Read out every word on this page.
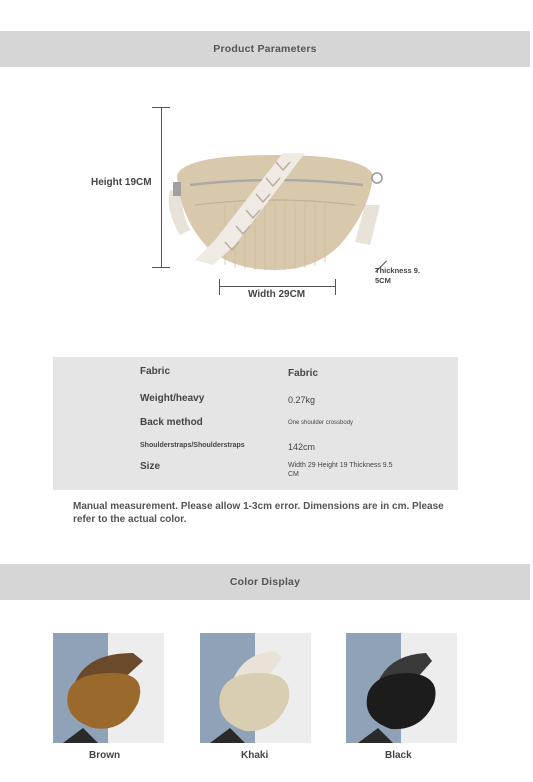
Product Parameters
Height 19CM
Thickness 9.
5CM
Width 29CM
Fabric	Fabric
Weight/heavy	0.27kg
Back method	One shoulder crossbody
Shoulderstraps/Shoulderstraps	142cm
Size	Width 29 Height 19 Thickness 9.5
CM
Manual measurement. Please allow 1-3cm error. Dimensions are in cm. Please refer to the actual color.
Color Display
Brown	Khaki	Black
